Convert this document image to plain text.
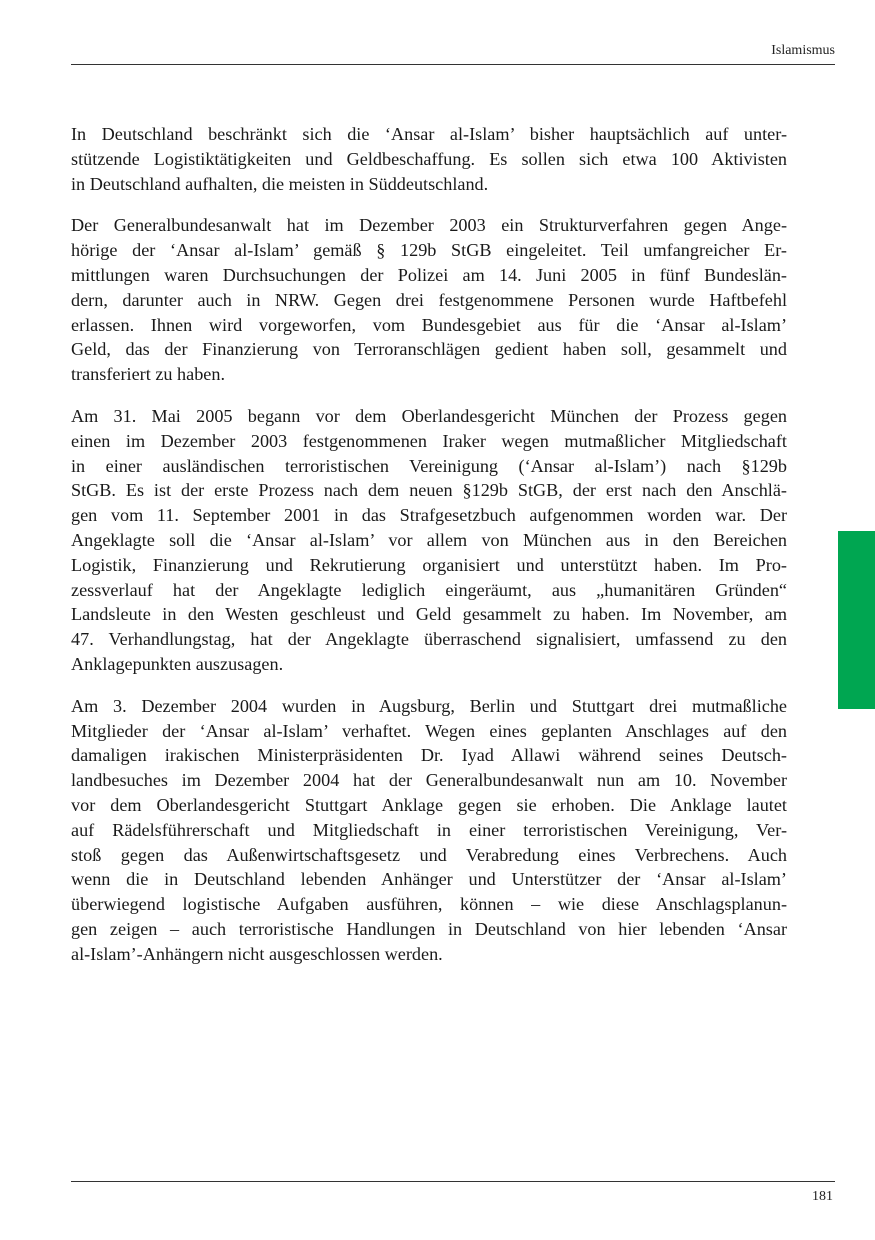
Islamismus

In Deutschland beschränkt sich die ‘Ansar al-Islam’ bisher hauptsächlich auf unter-
stützende Logistiktätigkeiten und Geldbeschaffung. Es sollen sich etwa 100 Aktivisten
in Deutschland aufhalten, die meisten in Süddeutschland.

Der Generalbundesanwalt hat im Dezember 2003 ein Strukturverfahren gegen Ange-
hörige der ‘Ansar al-Islam’ gemäß § 129b StGB eingeleitet. Teil umfangreicher Er-
mittlungen waren Durchsuchungen der Polizei am 14. Juni 2005 in fünf Bundeslän-
dern, darunter auch in NRW. Gegen drei festgenommene Personen wurde Haftbefehl
erlassen. Ihnen wird vorgeworfen, vom Bundesgebiet aus für die ‘Ansar al-Islam’
Geld, das der Finanzierung von Terroranschlägen gedient haben soll, gesammelt und
transferiert zu haben.

Am 31. Mai 2005 begann vor dem Oberlandesgericht München der Prozess gegen
einen im Dezember 2003 festgenommenen Iraker wegen mutmaßlicher Mitgliedschaft
in einer ausländischen terroristischen Vereinigung (‘Ansar al-Islam’) nach §129b
StGB. Es ist der erste Prozess nach dem neuen §129b StGB, der erst nach den Anschlä-
gen vom 11. September 2001 in das Strafgesetzbuch aufgenommen worden war. Der
Angeklagte soll die ‘Ansar al-Islam’ vor allem von München aus in den Bereichen
Logistik, Finanzierung und Rekrutierung organisiert und unterstützt haben. Im Pro-
zessverlauf hat der Angeklagte lediglich eingeräumt, aus „humanitären Gründen“
Landsleute in den Westen geschleust und Geld gesammelt zu haben. Im November, am
47. Verhandlungstag, hat der Angeklagte überraschend signalisiert, umfassend zu den
Anklagepunkten auszusagen.

Am 3. Dezember 2004 wurden in Augsburg, Berlin und Stuttgart drei mutmaßliche
Mitglieder der ‘Ansar al-Islam’ verhaftet. Wegen eines geplanten Anschlages auf den
damaligen irakischen Ministerpräsidenten Dr. Iyad Allawi während seines Deutsch-
landbesuches im Dezember 2004 hat der Generalbundesanwalt nun am 10. November
vor dem Oberlandesgericht Stuttgart Anklage gegen sie erhoben. Die Anklage lautet
auf Rädelsführerschaft und Mitgliedschaft in einer terroristischen Vereinigung, Ver-
stoß gegen das Außenwirtschaftsgesetz und Verabredung eines Verbrechens. Auch
wenn die in Deutschland lebenden Anhänger und Unterstützer der ‘Ansar al-Islam’
überwiegend logistische Aufgaben ausführen, können – wie diese Anschlagsplanun-
gen zeigen – auch terroristische Handlungen in Deutschland von hier lebenden ‘Ansar
al-Islam’-Anhängern nicht ausgeschlossen werden.

181
